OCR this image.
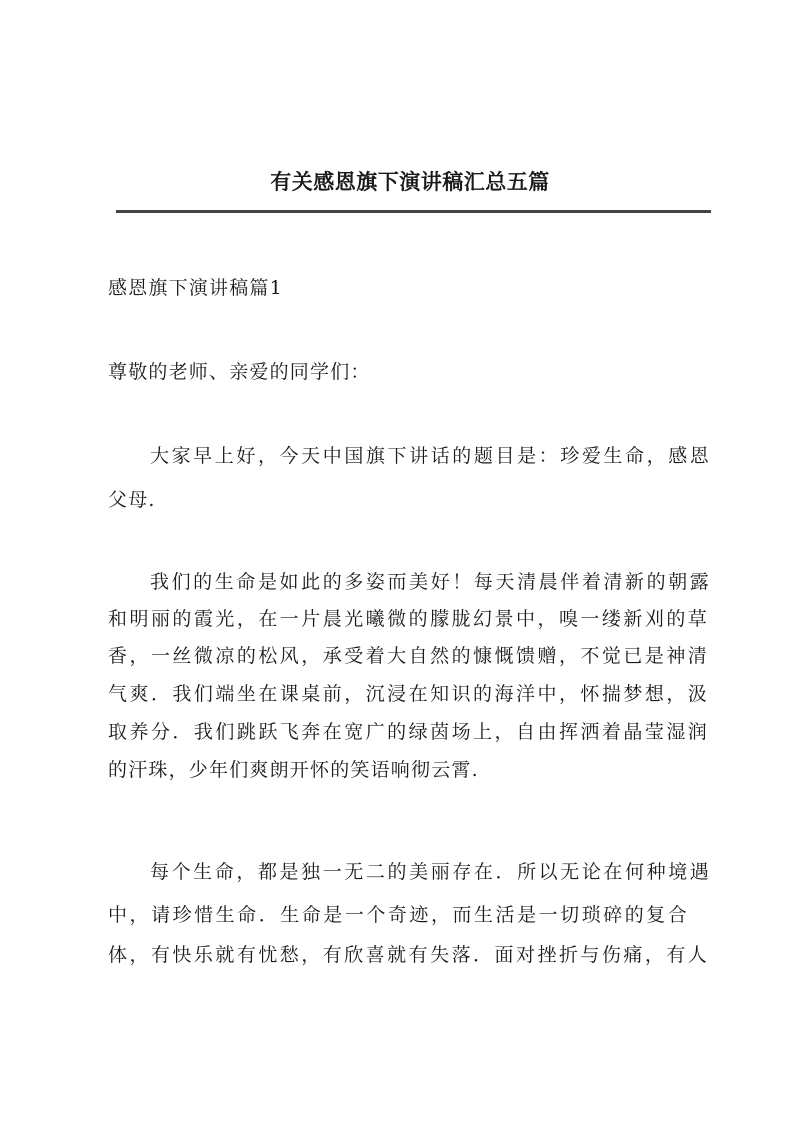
有关感恩旗下演讲稿汇总五篇
感恩旗下演讲稿篇1
尊敬的老师、亲爱的同学们：
大家早上好，今天中国旗下讲话的题目是：珍爱生命，感恩
父母.
我们的生命是如此的多姿而美好！每天清晨伴着清新的朝露
和明丽的霞光，在一片晨光曦微的朦胧幻景中，嗅一缕新刈的草
香，一丝微凉的松风，承受着大自然的慷慨馈赠，不觉已是神清
气爽．我们端坐在课桌前，沉浸在知识的海洋中，怀揣梦想，汲
取养分．我们跳跃飞奔在宽广的绿茵场上，自由挥洒着晶莹湿润
的汗珠，少年们爽朗开怀的笑语响彻云霄.
每个生命，都是独一无二的美丽存在．所以无论在何种境遇
中，请珍惜生命．生命是一个奇迹，而生活是一切琐碎的复合
体，有快乐就有忧愁，有欣喜就有失落．面对挫折与伤痛，有人
